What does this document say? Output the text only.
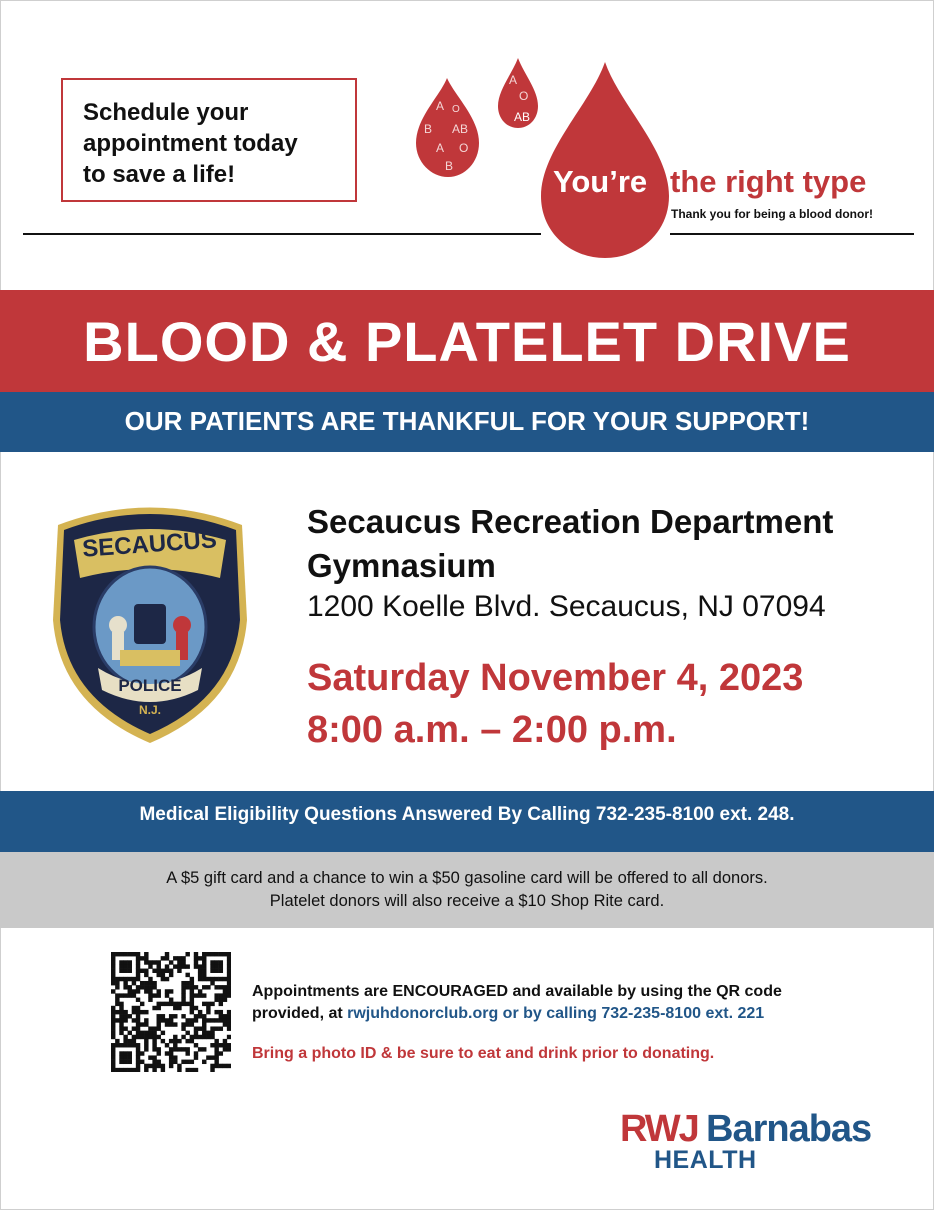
Schedule your
appointment today
to save a life!
A O
B AB
A O
B
A
O
AB
You’re the right type
Thank you for being a blood donor!
BLOOD & PLATELET DRIVE
OUR PATIENTS ARE THANKFUL FOR YOUR SUPPORT!
SECAUCUS
POLICE
N.J.
Secaucus Recreation Department
Gymnasium
1200 Koelle Blvd. Secaucus, NJ 07094
Saturday November 4, 2023
8:00 a.m. – 2:00 p.m.
Medical Eligibility Questions Answered By Calling 732-235-8100 ext. 248.
A $5 gift card and a chance to win a $50 gasoline card will be offered to all donors.
Platelet donors will also receive a $10 Shop Rite card.
Appointments are ENCOURAGED and available by using the QR code
provided, at rwjuhdonorclub.org or by calling 732-235-8100 ext. 221
Bring a photo ID & be sure to eat and drink prior to donating.
RWJ Barnabas
HEALTH
